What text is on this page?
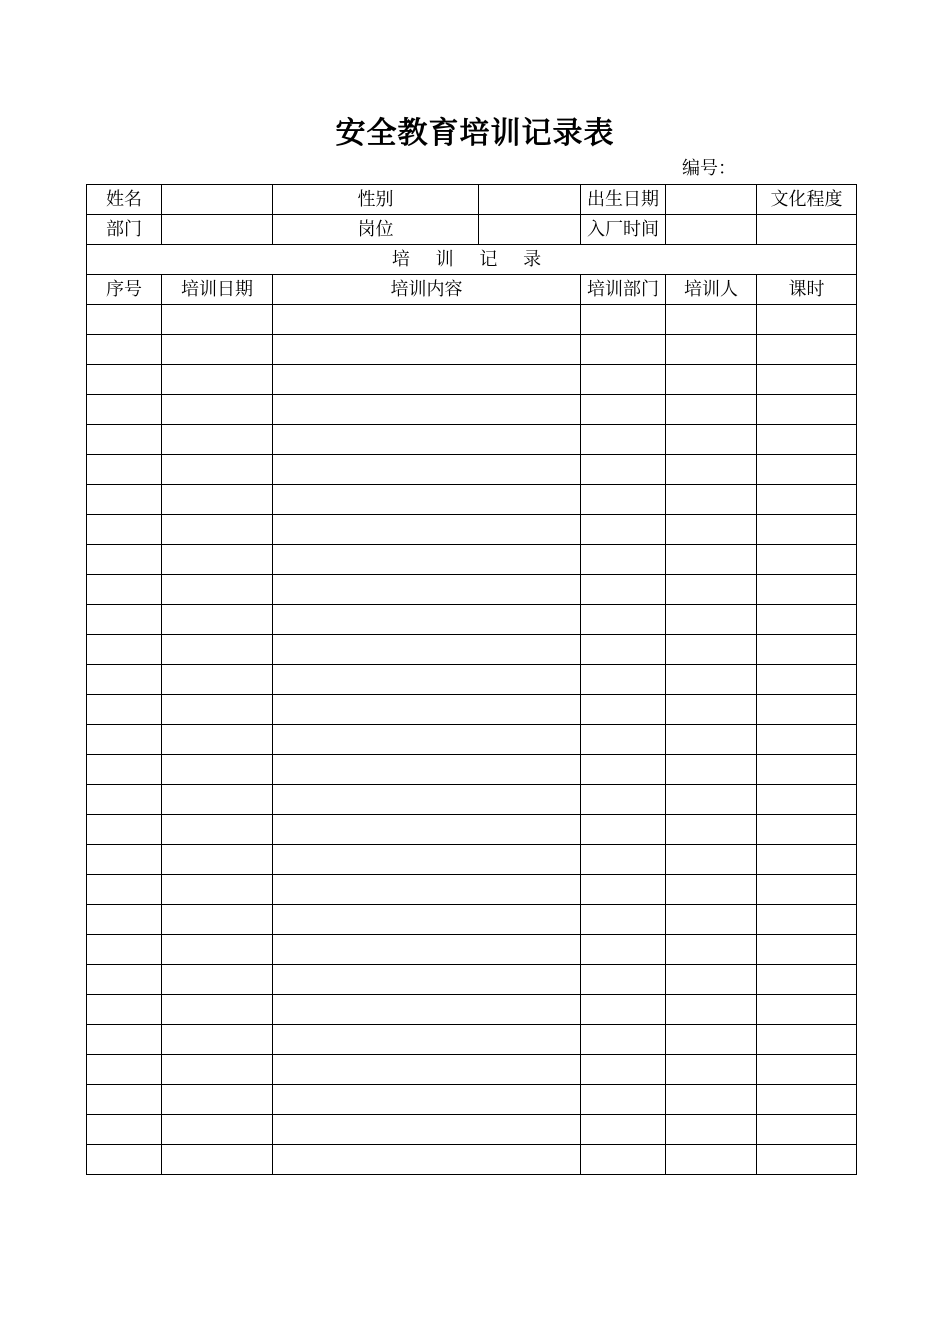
安全教育培训记录表
编号：
姓名		性别		出生日期		文化程度	
部门		岗位		入厂时间			
培 训 记 录							
序号	培训日期	培训内容		培训部门	培训人	课时	
